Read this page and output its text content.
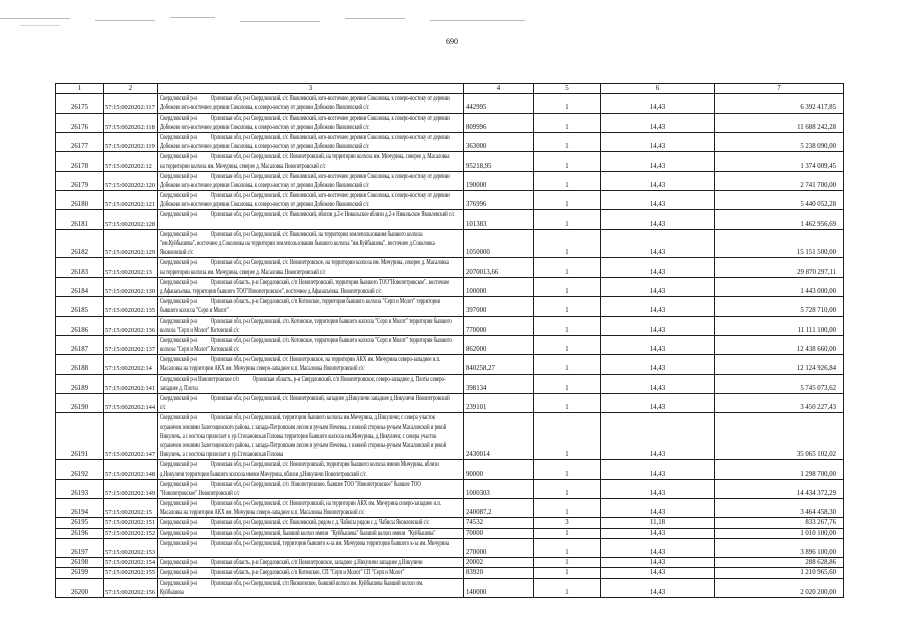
690
1	2	3	4	5	6	7
26175	57:15:0020202:117	Свердловский р-н Орловская обл, р-н Свердловский, с/с Яковлевский, юго-восточнее деревни Соколовка, к северо-востоку от деревни
Добежево юго-восточнее деревни Соколовка, к северо-востоку от деревни Добежево Яковлевский с/с	442995	1	14,43	6 392 417,85
26176	57:15:0020202:118	Свердловский р-н Орловская обл, р-н Свердловский, с/с Яковлевский, юго-восточнее деревни Соколовка, к северо-востоку от деревни
Добежево юго-восточнее деревни Соколовка, к северо-востоку от деревни Добежево Яковлевский с/с	809996	1	14,43	11 688 242,28
26177	57:15:0020202:119	Свердловский р-н Орловская обл, р-н Свердловский, с/с Яковлевский, юго-восточнее деревни Соколовка, к северо-востоку от деревни
Добежево юго-восточнее деревни Соколовка, к северо-востоку от деревни Добежево Яковлевский с/с	363000	1	14,43	5 238 090,00
26178	57:15:0020202:12	Свердловский р-н Орловская обл, р-н Свердловский, с/с Новопетровский, на территории колхоза им. Мичурина, северее д. Масаловка
на территории колхоза им. Мичурина, северее д. Масаловка Новопетровский с/с	95218,95	1	14,43	1 374 009,45
26179	57:15:0020202:120	Свердловский р-н Орловская обл, р-н Свердловский, с/с Яковлевский, юго-восточнее деревни Соколовка, к северо-востоку от деревни
Добежево юго-восточнее деревни Соколовка, к северо-востоку от деревни Добежево Яковлевский с/с	190000	1	14,43	2 741 700,00
26180	57:15:0020202:121	Свердловский р-н Орловская обл, р-н Свердловский, с/с Яковлевский, юго-восточнее деревни Соколовка, к северо-востоку от деревни
Добежево юго-восточнее деревни Соколовка, к северо-востоку от деревни Добежево Яковлевский с/с	376996	1	14,43	5 440 052,28
26181	57:15:0020202:128	Свердловский р-н Орловская обл, р-н Свердловский, с/с Яковлевский, вблизи д.2-е Никольское вблизи д.2-е Никольское Яковлевский с/с	101383	1	14,43	1 462 956,69
26182	57:15:0020202:129	Свердловский р-н Орловская обл, р-н Свердловский, с/с Яковлевский, на территории землепользования бывшего колхоза
"им.Куйбышева", восточнее д.Соколовка на территории землепользования бывшего колхоза "им.Куйбышева", восточнее д.Соколовка
Яковлевский с/с	1050000	1	14,43	15 151 500,00
26183	57:15:0020202:13	Свердловский р-н Орловская обл, р-н Свердловский, с/с Новопетровское, на территории колхоза им. Мичурина, северее д. Масаловка
на территории колхоза им. Мичурина, северее д. Масаловка Новопетровский с/с	2070013,66	1	14,43	29 870 297,11
26184	57:15:0020202:130	Свердловский р-н Орловская область, р-н Свердловский, с/п Новопетровский, территория бывшего ТОО"Новопетровское", восточнее
д.Афанасьевка. территория бывшего ТОО"Новопетровское", восточнее д.Афанасьевка. Новопетровский с/с	100000	1	14,43	1 443 000,00
26185	57:15:0020202:135	Свердловский р-н Орловская область, р-н Свердловский, с/п Котовское, территория бывшего колхоза "Серп и Молот" территория
бывшего колхоза "Серп и Молот"	397000	1	14,43	5 728 710,00
26186	57:15:0020202:136	Свердловский р-н Орловская обл, р-н Свердловский, с/п. Котовское, территория бывшего колхоза "Серп и Молот" территория бывшего
колхоза "Серп и Молот" Котовский с/с	770000	1	14,43	11 111 100,00
26187	57:15:0020202:137	Свердловский р-н Орловская обл, р-н Свердловский, с/п. Котовское, территория бывшего колхоза "Серп и Молот" территория бывшего
колхоза "Серп и Молот" Котовский с/с	862000	1	14,43	12 438 660,00
26188	57:15:0020202:14	Свердловский р-н Орловская обл, р-н Свердловский, с/с Новопетровское, на территории АКХ им. Мичурина северо-западнее н.п.
Масаловка на территории АКХ им. Мичурина северо-западнее н.п. Масаловка Новопетровский с/с	840258,27	1	14,43	12 124 926,84
26189	57:15:0020202:141	Свердловский р-н Новопетровское с/п Орловская область, р-н Свердловский, с/п Новопетровское, северо-западнее д. Плоты северо-
западнее д. Плоты	398134	1	14,43	5 745 073,62
26190	57:15:0020202:144	Свердловский р-н Орловская обл, р-н Свердловский, с/с Новопетровский, западнее д.Никуличи западнее д.Никуличи Новопетровский
с/с	239101	1	14,43	3 450 227,43
26191	57:15:0020202:147	Свердловский р-н Орловская обл, р-н Свердловский, территории бывшего колхоза им.Мичурина, д.Никуличи; с севера участок
ограничен землями Залегощенского района, с запада-Петровским лесом и ручьем Ночевка, с южной стороны-ручьем Масаловской и рекой
Никуличь, а с востока прилегает к ур.Степановская Головка территория бывшего колхоза им.Мичурина, д.Никуличи; с севера участок
ограничен землями Залегощенского района, с запада-Петровским лесом и ручьем Ночевка, с южной стороны-ручьем Масаловской и рекой
Никуличь, а с востока прилегает к ур.Степановская Головка	2430014	1	14,43	35 065 102,02
26192	57:15:0020202:148	Свердловский р-н Орловская обл, р-н Свердловский, с/с Новопетровский, территория бывшего колхоза имени Мичурина, вблизи
д.Никуличи территория бывшего колхоза имени Мичурина, вблизи д.Никуличи Новопетровский с/с	90000	1	14,43	1 298 700,00
26193	57:15:0020202:149	Свердловский р-н Орловская обл, р-н Свердловский, с/п  Новопетровское, бывшее ТОО "Новопетровское" бывшее ТОО
"Новопетровское" Новопетровский с/с	1000303	1	14,43	14 434 372,29
26194	57:15:0020202:15	Свердловский р-н Орловская обл, р-н Свердловский, с/с Новопетровский, на территории АКХ им. Мичурина северо-западнее н.п.
Масаловка на территории АКХ им. Мичурина северо-западнее н.п. Масаловка Новопетровский с/с	240087,2	1	14,43	3 464 458,30
26195	57:15:0020202:151	Свердловский р-н Орловская обл, р-н Свердловский, с/с Яковлевский, рядом с д. Чабисы рядом с д. Чабисы Яковлевский с/с	74532	3	11,18	833 267,76
26196	57:15:0020202:152	Свердловский р-н Орловская обл, р-н Свердловский, бывший колхоз имени  "Куйбышева" бывший колхоз имени  "Куйбышева"	70000	1	14,43	1 010 100,00
26197	57:15:0020202:153	Свердловский р-н Орловская обл, р-н Свердловский, территория бывшего к-за им. Мичурина территория бывшего к-за им. Мичурина	270000	1	14,43	3 896 100,00
26198	57:15:0020202:154	Свердловский р-н Орловская область, р-н Свердловский, с/п Новопетровское, западнее д.Никуличи западнее д.Никуличи	20002	1	14,43	288 628,86
26199	57:15:0020202:155	Свердловский р-н Орловская область, р-н Свердловский, с/п Котовское, СП "Серп и Молот" СП "Серп и Молот"	83920	1	14,43	1 210 965,60
26200	57:15:0020202:156	Свердловский р-н Орловская обл, р-н Свердловский, с/п Яковлевское, бывший колхоз им. Куйбышева бывший колхоз им.
Куйбышева	140000	1	14,43	2 020 200,00
